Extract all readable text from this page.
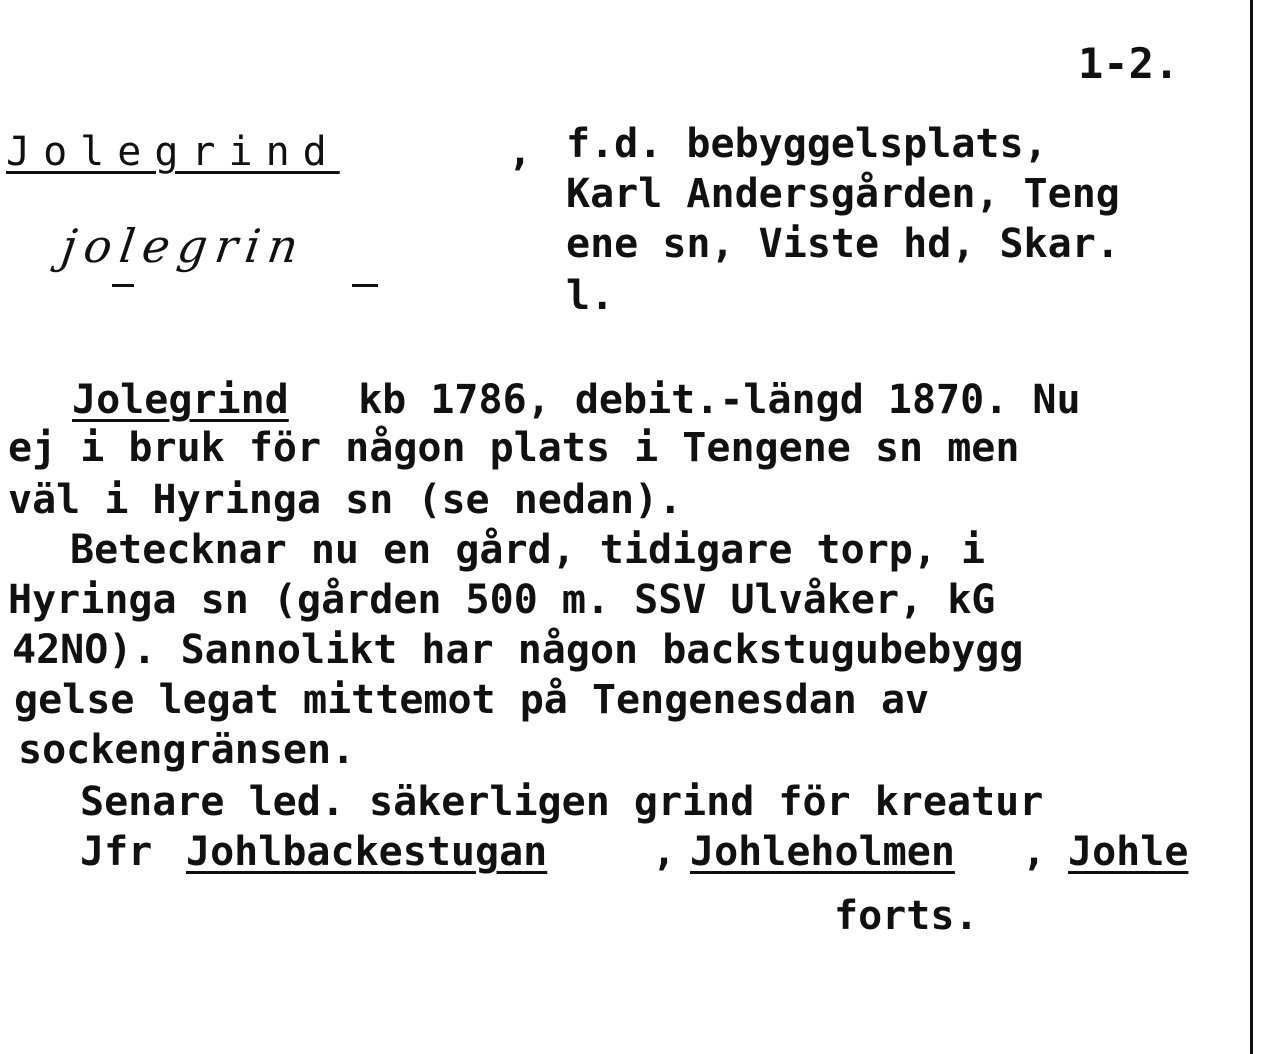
1-2.
Jolegrind	, f.d. bebyggelsplats,
Karl Andersgården, Teng
ene sn, Viste hd, Skar.
l.
jolegrin
Jolegrind kb 1786, debit.-längd 1870. Nu
ej i bruk för någon plats i Tengene sn men
väl i Hyringa sn (se nedan).
Betecknar nu en gård, tidigare torp, i
Hyringa sn (gården 500 m. SSV Ulvåker, kG
42NO). Sannolikt har någon backstugubebygg
gelse legat mittemot på Tengenesdan av
sockengränsen.
Senare led. säkerligen grind för kreatur
Jfr Johlbackestugan	, Johleholmen , Johle
forts.
